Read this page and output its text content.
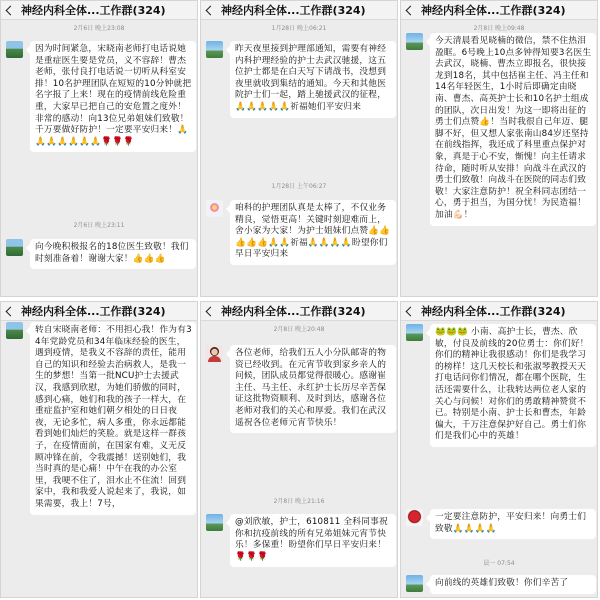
神经内科全体...工作群(324)
2月6日 晚上23:08
因为时间紧急，宋晓南老师打电话说她是重症医生要是党员，义不容辞！曹杰老师，张付良打电话说一切听从科室安排！10名护理团队在短短的10分钟就把名字报了上来！现在的疫情前线危险重重，大家早已把自己的安危置之度外！非常的感动！向13位兄弟姐妹们致敬！千万要做好防护！一定要平安归来！🙏🙏🙏🙏🙏🙏🙏🌹🌹🌹
2月6日 晚上23:11
向今晚积极报名的18位医生致敬！我们时刻准备着！谢谢大家！👍👍👍
神经内科全体...工作群(324)
1月28日 晚上06:21
昨天夜里接到护理部通知，需要有神经内科护理经验的护士去武汉驰援，这五位护士都是在白天写下请战书，没想到夜里就收到集结的通知。今天和其他医院护士们一起，踏上驰援武汉的征程，🙏🙏🙏🙏🙏祈福她们平安归来
1月28日 上午06:27
咱科的护理团队真是太棒了，不仅业务精良，觉悟更高！关键时刻迎难而上，舍小家为大家！为护士姐妹们点赞👍👍👍👍👍🙏🙏祈福🙏🙏🙏🙏盼望你们早日平安归来
神经内科全体...工作群(324)
2月8日 晚上09:48
今天清晨看见晓楠的微信，禁不住热泪盈眶。6号晚上10点多钟得知要3名医生去武汉，晓楠、曹杰立即报名，很快接龙到18名，其中包括崔主任、冯主任和14名年轻医生，1小时后即确定由晓南、曹杰、高英护士长和10名护士组成的团队，次日出发！为这一即将出征的勇士们点赞👍！当时我很自己年迈、腿脚不好，但又想人家张南山84岁还坚持在前线指挥，我还成了科里重点保护对象，真是于心不安，惭愧！向主任请求待命，随时听从安排！向战斗在武汉的勇士们致敬！向战斗在医院的同志们致敬！大家注意防护！祝全科同志团结一心，勇于担当，为国分忧！为民造福！加油💪🏻！
神经内科全体...工作群(324)
转自宋晓南老师：不用担心我！作为有34年党龄党员和34年临床经验的医生，遇到疫情，是我义不容辞的责任，能用自己的知识和经验去治病救人，是我一生的梦想！当第一批NCU护士去援武汉，我感到欣慰，为她们骄傲的同时，感到心痛，她们和我的孩子一样大，在重症监护室和她们朝夕相处的日日夜夜，无论多忙，病人多重，你永远都能看到她们灿烂的笑脸。就是这样一群孩子，在疫情面前，在国家有难，义无反顾冲锋在前，令我震撼！送别她们，我当时真的是心痛！中午在我的办公室里，我哽不住了，泪水止不住流！回到家中，我和我爱人说起来了，我说，如果需要，我上！7号，
神经内科全体...工作群(324)
2月8日 晚上20:48
各位老师，给我们五人小分队邮寄的物资已经收到。在元宵节收到家乡亲人的问候，团队成员都觉得很暖心。感谢崔主任、马主任、永红护士长历尽辛苦保证这批物资顺利、及时到达，感谢各位老师对我们的关心和厚爱。我们在武汉遥祝各位老师元宵节快乐！
2月8日 晚上21:16
@刘欣敏，护士，610811 全科同事祝你和抗疫前线的所有兄弟姐妹元宵节快乐！多保重！盼望你们早日平安归来！🌹🌹🌹
神经内科全体...工作群(324)
🐸🐸🐸 小南、高护士长，曹杰、欣敏，付良及前线的20位勇士：你们好！你们的精神让我很感动！你们是我学习的榜样！这几天校长和张淑琴教授天天打电话问你们情况，都在哪个医院，生活还需要什么，让我转达两位老人家的关心与问候！对你们的勇敢精神赞赏不已。特别是小南、护士长和曹杰，年龄偏大，千万注意保护好自己。勇士们你们是我们心中的英雄！
一定要注意防护，平安归来！向勇士们致敬🙏🙏🙏🙏
晨一 07:54
向前线的英雄们致敬！你们辛苦了
